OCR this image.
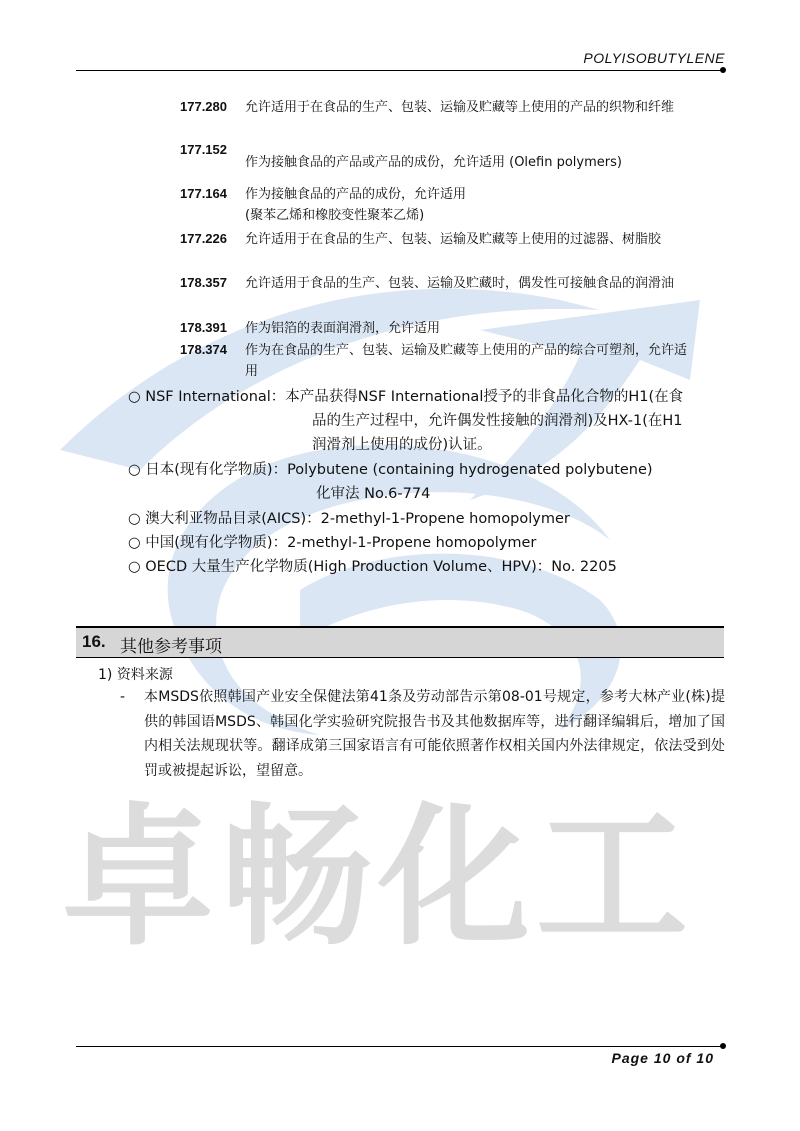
卓畅化工
POLYISOBUTYLENE
177.280 允许适用于在食品的生产、包装、运输及贮藏等上使用的产品的织物和纤维
177.152
作为接触食品的产品或产品的成份，允许适用 (Olefin polymers)
177.164 作为接触食品的产品的成份，允许适用
(聚苯乙烯和橡胶变性聚苯乙烯)
177.226 允许适用于在食品的生产、包装、运输及贮藏等上使用的过滤器、树脂胶
178.357 允许适用于食品的生产、包装、运输及贮藏时，偶发性可接触食品的润滑油
178.391 作为铝箔的表面润滑剂，允许适用
178.374 作为在食品的生产、包装、运输及贮藏等上使用的产品的综合可塑剂，允许适用
○ NSF International：本产品获得NSF International授予的非食品化合物的H1(在食
品的生产过程中，允许偶发性接触的润滑剂)及HX-1(在H1
润滑剂上使用的成份)认证。
○ 日本(现有化学物质)：Polybutene (containing hydrogenated polybutene)
化审法 No.6-774
○ 澳大利亚物品目录(AICS)：2-methyl-1-Propene homopolymer
○ 中国(现有化学物质)：2-methyl-1-Propene homopolymer
○ OECD 大量生产化学物质(High Production Volume、HPV)：No. 2205
16. 其他参考事项
1) 资料来源
-	本MSDS依照韩国产业安全保健法第41条及劳动部告示第08-01号规定，参考大林产业(株)提供的韩国语MSDS、韩国化学实验研究院报告书及其他数据库等，进行翻译编辑后，增加了国内相关法规现状等。翻译成第三国家语言有可能依照著作权相关国内外法律规定，依法受到处罚或被提起诉讼，望留意。
Page 10 of 10
